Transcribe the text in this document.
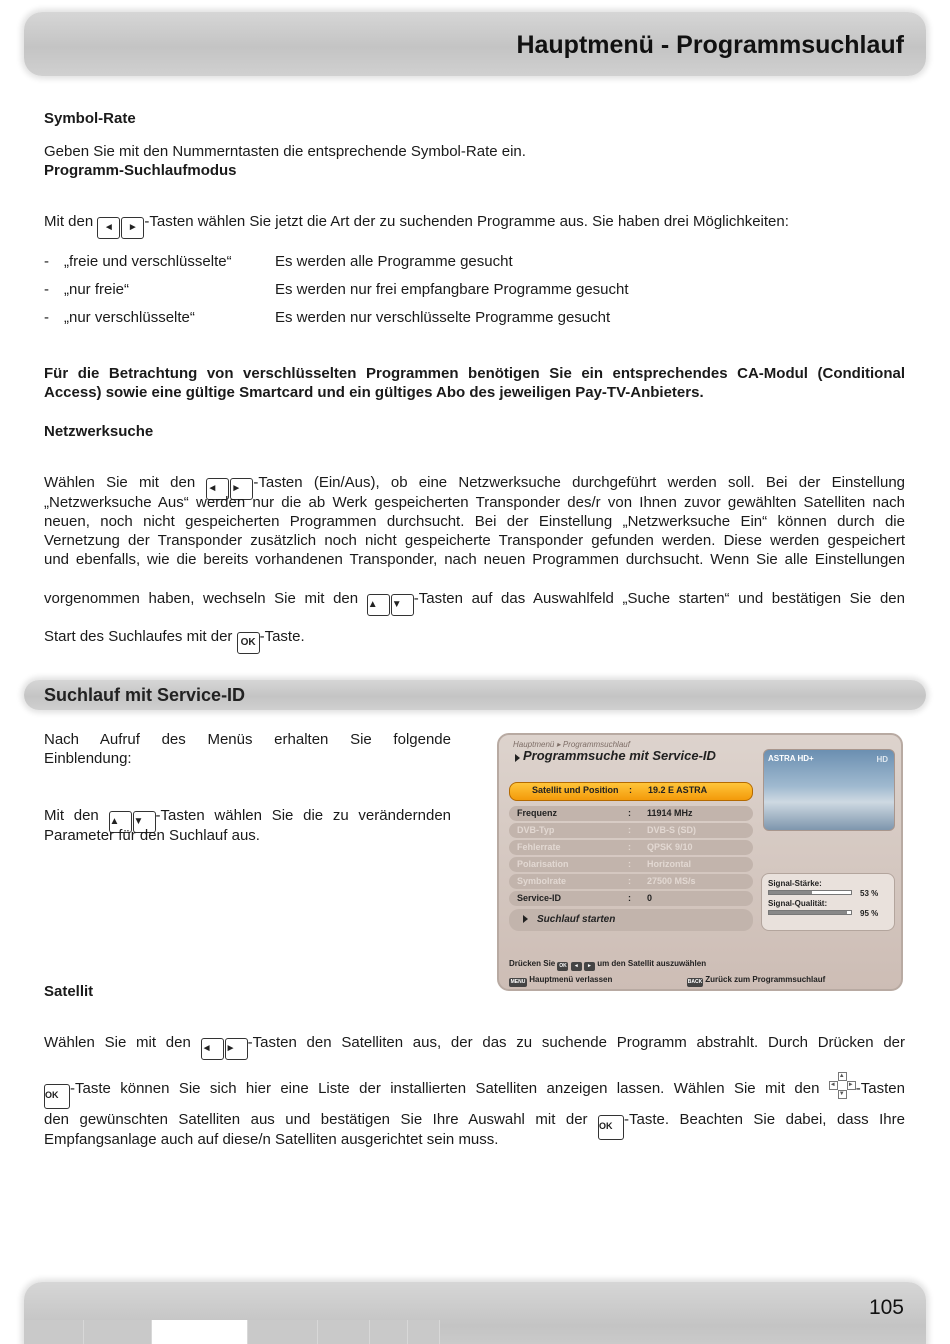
Hauptmenü - Programmsuchlauf
Symbol-Rate
Geben Sie mit den Nummerntasten die entsprechende Symbol-Rate ein.
Programm-Suchlaufmodus
Mit den ◄	► -Tasten wählen Sie jetzt die Art der zu suchenden Programme aus. Sie haben drei Möglichkeiten:
- „freie und verschlüsselte“	Es werden alle Programme gesucht
- „nur freie“	Es werden nur frei empfangbare Programme gesucht
- „nur verschlüsselte“	Es werden nur verschlüsselte Programme gesucht
Für die Betrachtung von verschlüsselten Programmen benötigen Sie ein entsprechendes CA-Modul (Conditional Access) sowie eine gültige Smartcard und ein gültiges Abo des jeweiligen Pay-TV-Anbieters.
Netzwerksuche
Wählen Sie mit den ◄	► -Tasten (Ein/Aus), ob eine Netzwerksuche durchgeführt werden soll. Bei der Einstellung
„Netzwerksuche Aus“ werden nur die ab Werk gespeicherten Transponder des/r von Ihnen zuvor gewählten Satelliten nach
neuen, noch nicht gespeicherten Programmen durchsucht. Bei der Einstellung „Netzwerksuche Ein“ können durch die
Vernetzung der Transponder zusätzlich noch nicht gespeicherte Transponder gefunden werden. Diese werden gespeichert
und ebenfalls, wie die bereits vorhandenen Transponder, nach neuen Programmen durchsucht. Wenn Sie alle Einstellungen
vorgenommen haben, wechseln Sie mit den ▲	▼ -Tasten auf das Auswahlfeld „Suche starten“ und bestätigen Sie den
Start des Suchlaufes mit der OK -Taste.
Suchlauf mit Service-ID
Nach Aufruf des Menüs erhalten Sie folgende
Einblendung:
Mit den ▲	▼ -Tasten wählen Sie die zu verändernden
Parameter für den Suchlauf aus.
Hauptmenü ▸ Programmsuchlauf
Programmsuche mit Service-ID	ASTRA HD+	HD
Satellit und Position : 19.2 E ASTRA
Frequenz	: 11914 MHz
DVB-Typ	: DVB-S (SD)
Fehlerrate	: QPSK 9/10
Polarisation	: Horizontal
Symbolrate	: 27500 MS/s
Service-ID	: 0
Suchlauf starten
Signal-Stärke:
53 %
Signal-Qualität:
95 %
Drücken Sie OK ◄ ► um den Satellit auszuwählen
MENU Hauptmenü verlassen	BACK Zurück zum Programmsuchlauf
Satellit
Wählen Sie mit den ◄	► -Tasten den Satelliten aus, der das zu suchende Programm abstrahlt. Durch Drücken der
OK -Taste können Sie sich hier eine Liste der installierten Satelliten anzeigen lassen. Wählen Sie mit den
▲
◄	►
▼ -Tasten
den gewünschten Satelliten aus und bestätigen Sie Ihre Auswahl mit der OK -Taste. Beachten Sie dabei, dass Ihre
Empfangsanlage auch auf diese/n Satelliten ausgerichtet sein muss.
105
